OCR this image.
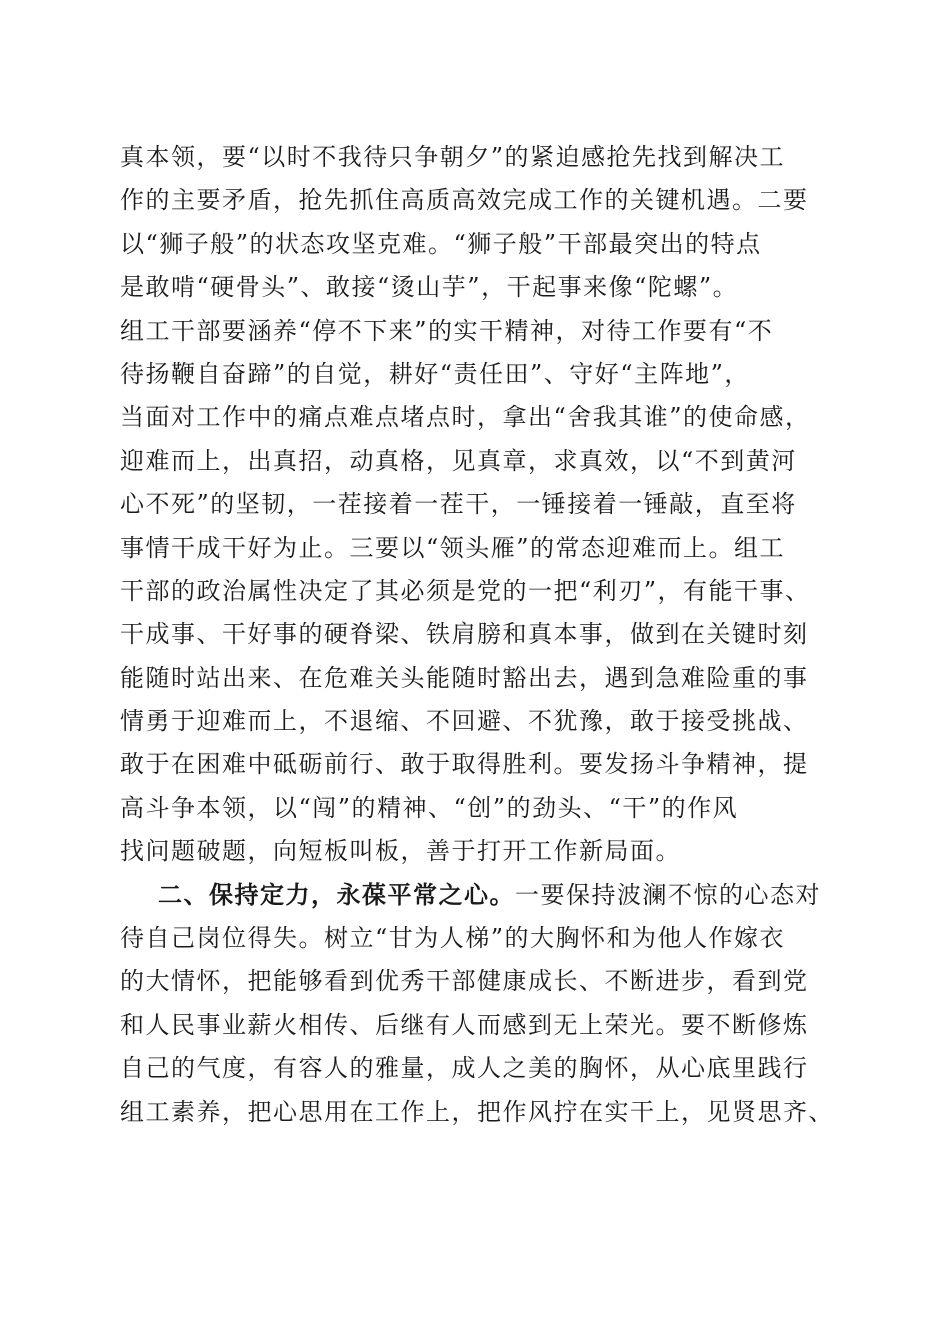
真本领，要“以时不我待只争朝夕”的紧迫感抢先找到解决工
作的主要矛盾，抢先抓住高质高效完成工作的关键机遇。二要
以“狮子般”的状态攻坚克难。“狮子般”干部最突出的特点
是敢啃“硬骨头”、敢接“烫山芋”，干起事来像“陀螺”。
组工干部要涵养“停不下来”的实干精神，对待工作要有“不
待扬鞭自奋蹄”的自觉，耕好“责任田”、守好“主阵地”，
当面对工作中的痛点难点堵点时，拿出“舍我其谁”的使命感，
迎难而上，出真招，动真格，见真章，求真效，以“不到黄河
心不死”的坚韧，一茬接着一茬干，一锤接着一锤敲，直至将
事情干成干好为止。三要以“领头雁”的常态迎难而上。组工
干部的政治属性决定了其必须是党的一把“利刃”，有能干事、
干成事、干好事的硬脊梁、铁肩膀和真本事，做到在关键时刻
能随时站出来、在危难关头能随时豁出去，遇到急难险重的事
情勇于迎难而上，不退缩、不回避、不犹豫，敢于接受挑战、
敢于在困难中砥砺前行、敢于取得胜利。要发扬斗争精神，提
高斗争本领，以“闯”的精神、“创”的劲头、“干”的作风
找问题破题，向短板叫板，善于打开工作新局面。
二、保持定力，永葆平常之心。一要保持波澜不惊的心态对
待自己岗位得失。树立“甘为人梯”的大胸怀和为他人作嫁衣
的大情怀，把能够看到优秀干部健康成长、不断进步，看到党
和人民事业薪火相传、后继有人而感到无上荣光。要不断修炼
自己的气度，有容人的雅量，成人之美的胸怀，从心底里践行
组工素养，把心思用在工作上，把作风拧在实干上，见贤思齐、
